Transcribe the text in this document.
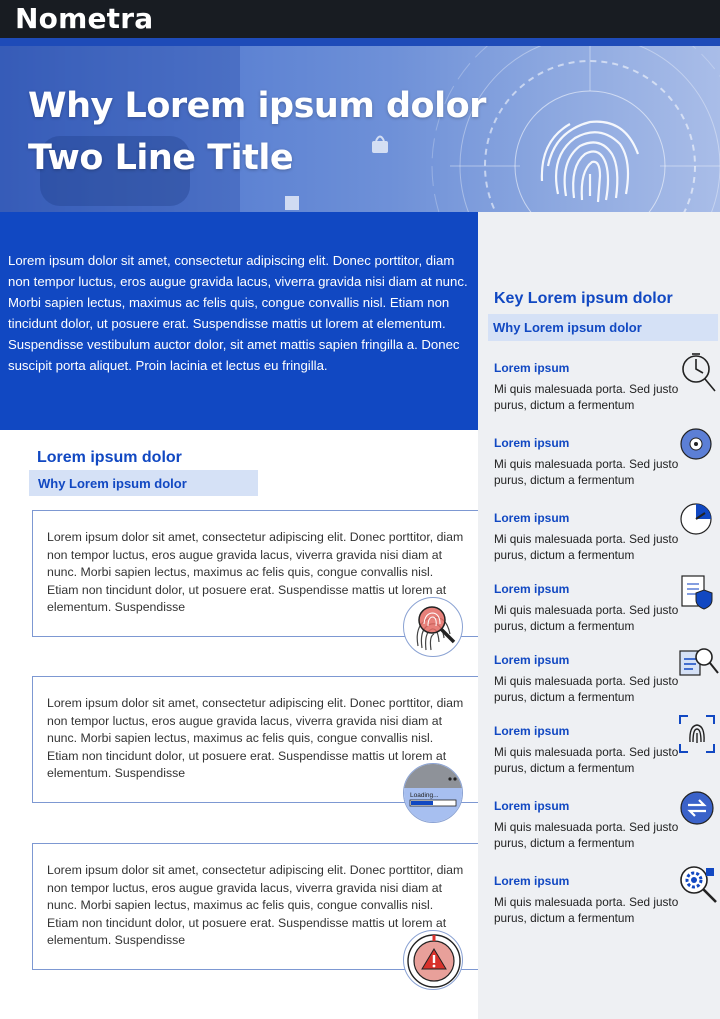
Nometra
Why Lorem ipsum dolor
Two Line Title

Lorem ipsum dolor sit amet, consectetur adipiscing elit. Donec porttitor, diam non tempor luctus, eros augue gravida lacus, viverra gravida nisi diam at nunc. Morbi sapien lectus, maximus ac felis quis, congue convallis nisl. Etiam non tincidunt dolor, ut posuere erat. Suspendisse mattis ut lorem at elementum. Suspendisse vestibulum auctor dolor, sit amet mattis sapien fringilla a. Donec suscipit porta aliquet. Proin lacinia et lectus eu fringilla.

Key Lorem ipsum dolor
Why Lorem ipsum dolor
Lorem ipsum
Mi quis malesuada porta. Sed justo purus, dictum a fermentum
Lorem ipsum
Mi quis malesuada porta. Sed justo purus, dictum a fermentum
Lorem ipsum
Mi quis malesuada porta. Sed justo purus, dictum a fermentum
Lorem ipsum
Mi quis malesuada porta. Sed justo purus, dictum a fermentum
Lorem ipsum
Mi quis malesuada porta. Sed justo purus, dictum a fermentum
Lorem ipsum
Mi quis malesuada porta. Sed justo purus, dictum a fermentum
Lorem ipsum
Mi quis malesuada porta. Sed justo purus, dictum a fermentum
Lorem ipsum
Mi quis malesuada porta. Sed justo purus, dictum a fermentum
Lorem ipsum dolor
Why Lorem ipsum dolor

Lorem ipsum dolor sit amet, consectetur adipiscing elit. Donec porttitor, diam non tempor luctus, eros augue gravida lacus, viverra gravida nisi diam at nunc. Morbi sapien lectus, maximus ac felis quis, congue convallis nisl. Etiam non tincidunt dolor, ut posuere erat. Suspendisse mattis ut lorem at elementum. Suspendisse

Lorem ipsum dolor sit amet, consectetur adipiscing elit. Donec porttitor, diam non tempor luctus, eros augue gravida lacus, viverra gravida nisi diam at nunc. Morbi sapien lectus, maximus ac felis quis, congue convallis nisl. Etiam non tincidunt dolor, ut posuere erat. Suspendisse mattis ut lorem at elementum. Suspendisse

Loading...

Lorem ipsum dolor sit amet, consectetur adipiscing elit. Donec porttitor, diam non tempor luctus, eros augue gravida lacus, viverra gravida nisi diam at nunc. Morbi sapien lectus, maximus ac felis quis, congue convallis nisl. Etiam non tincidunt dolor, ut posuere erat. Suspendisse mattis ut lorem at elementum. Suspendisse
